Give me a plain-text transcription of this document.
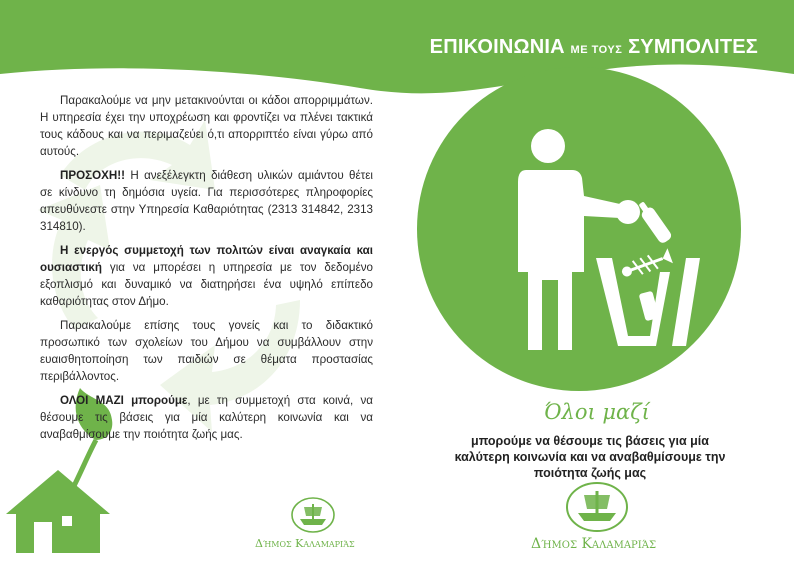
ΕΠΙΚΟΙΝΩΝΙΑ ΜΕ ΤΟΥΣ ΣΥΜΠΟΛΙΤΕΣ

Παρακαλούμε να μην μετακινούνται οι κάδοι απορριμμάτων. Η υπηρεσία έχει την υποχρέωση και φροντίζει να πλένει τακτικά τους κάδους και να περιμαζεύει ό,τι απορριπτέο είναι γύρω από αυτούς.

ΠΡΟΣΟΧΗ!! Η ανεξέλεγκτη διάθεση υλικών αμιάντου θέτει σε κίνδυνο τη δημόσια υγεία. Για περισσότερες πληροφορίες απευθύνεστε στην Υπηρεσία Καθαριότητας (2313 314842, 2313 314810).

Η ενεργός συμμετοχή των πολιτών είναι αναγκαία και ουσιαστική για να μπορέσει η υπηρεσία με τον δεδομένο εξοπλισμό και δυναμικό να διατηρήσει ένα υψηλό επίπεδο καθαριότητας στον Δήμο.

Παρακαλούμε επίσης τους γονείς και το διδακτικό προσωπικό των σχολείων του Δήμου να συμβάλλουν στην ευαισθητοποίηση των παιδιών σε θέματα προστασίας περιβάλλοντος.

ΟΛΟΙ ΜΑΖΙ μπορούμε, με τη συμμετοχή στα κοινά, να θέσουμε τις βάσεις για μία καλύτερη κοινωνία και να αναβαθμίσουμε την ποιότητα ζωής μας.

Όλοι μαζί
μπορούμε να θέσουμε τις βάσεις για μία
καλύτερη κοινωνία και να αναβαθμίσουμε την
ποιότητα ζωής μας
Δήμος Καλαμαριάς	Δήμος Καλαμαριάς
